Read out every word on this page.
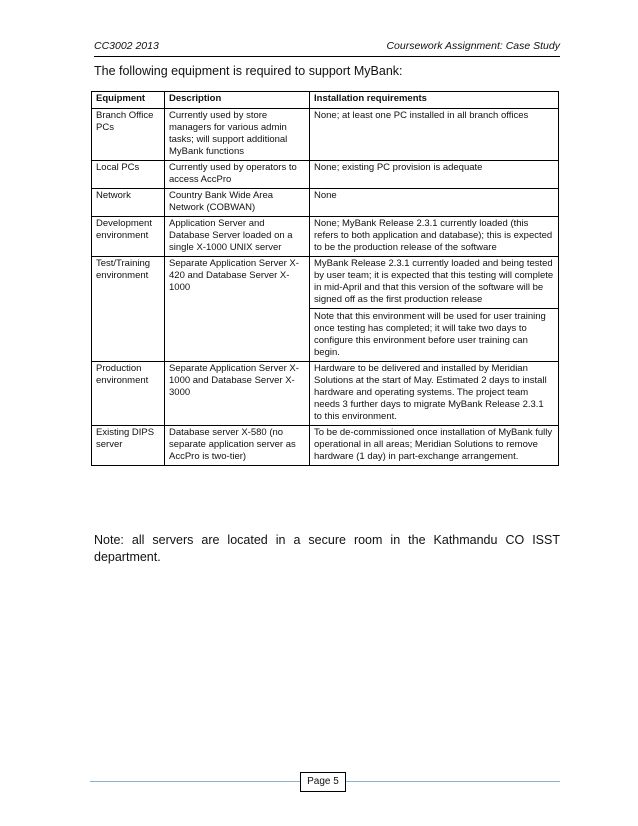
CC3002 2013	Coursework Assignment: Case Study
The following equipment is required to support MyBank:
Equipment	Description	Installation requirements
Branch Office PCs	Currently used by store managers for various admin tasks; will support additional MyBank functions	None; at least one PC installed in all branch offices

Local PCs	Currently used by operators to access AccPro	None; existing PC provision is adequate

Network	Country Bank Wide Area Network (COBWAN)	None

Development environment	Application Server and Database Server loaded on a single X-1000 UNIX server	None; MyBank Release 2.3.1 currently loaded (this refers to both application and database); this is expected to be the production release of the software

Test/Training environment	Separate Application Server X-420 and Database Server X-1000	MyBank Release 2.3.1 currently loaded and being tested by user team; it is expected that this testing will complete in mid-April and that this version of the software will be signed off as the first production release
Note that this environment will be used for user training once testing has completed; it will take two days to configure this environment before user training can begin.

Production environment	Separate Application Server X-1000 and Database Server X-3000	Hardware to be delivered and installed by Meridian Solutions at the start of May. Estimated 2 days to install hardware and operating systems. The project team needs 3 further days to migrate MyBank Release 2.3.1 to this environment.

Existing DIPS server	Database server X-580 (no separate application server as AccPro is two-tier)	To be de-commissioned once installation of MyBank fully operational in all areas; Meridian Solutions to remove hardware (1 day) in part-exchange arrangement.
Note: all servers are located in a secure room in the Kathmandu CO ISST department.
Page 5
